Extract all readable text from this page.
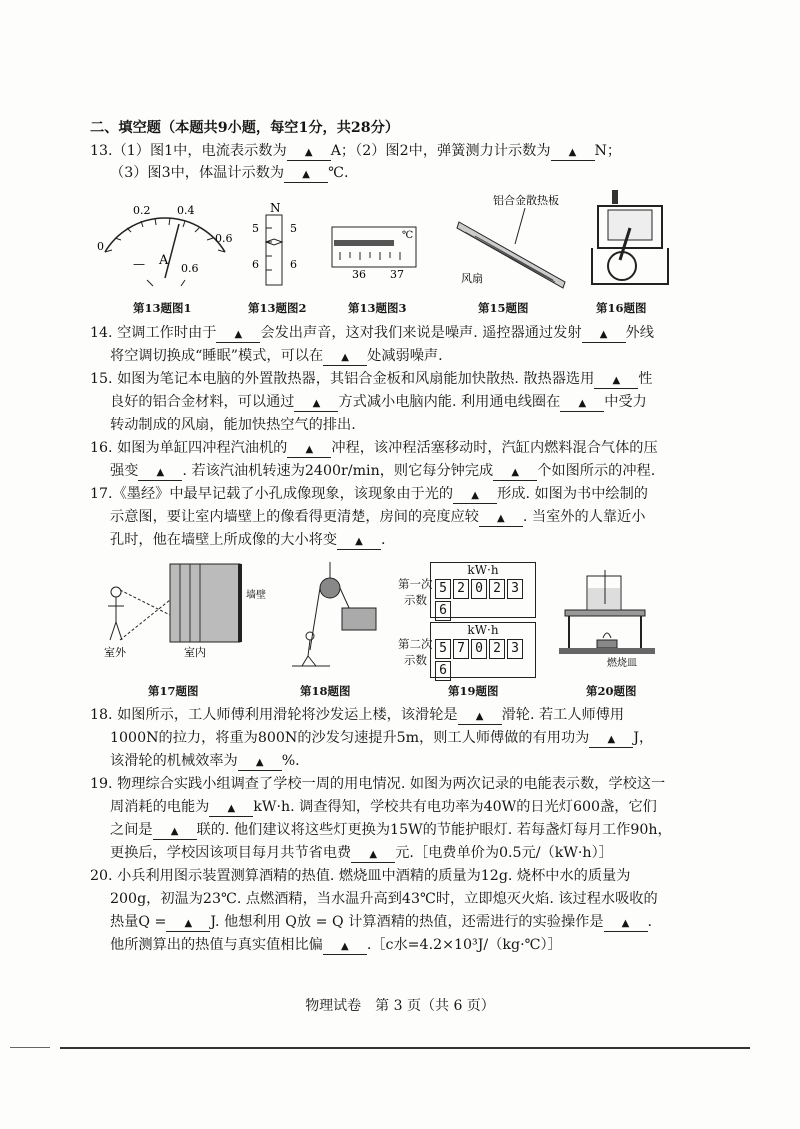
二、填空题（本题共9小题，每空1分，共28分）
13.（1）图1中，电流表示数为 ▲ A；（2）图2中，弹簧测力计示数为 ▲ N；
（3）图3中，体温计示数为 ▲ ℃.
0.2 0.4
0
0.6
— A
0.6
第13题图1
N
5
6
5
6
第13题图2
℃
36 37
第13题图3
铝合金散热板
风扇
第15题图	第16题图
14. 空调工作时由于 ▲ 会发出声音，这对我们来说是噪声. 遥控器通过发射 ▲ 外线
将空调切换成“睡眠”模式，可以在 ▲ 处减弱噪声.
15. 如图为笔记本电脑的外置散热器，其铝合金板和风扇能加快散热. 散热器选用 ▲ 性
良好的铝合金材料，可以通过 ▲ 方式减小电脑内能. 利用通电线圈在 ▲ 中受力
转动制成的风扇，能加快热空气的排出.
16. 如图为单缸四冲程汽油机的 ▲ 冲程，该冲程活塞移动时，汽缸内燃料混合气体的压
强变 ▲ . 若该汽油机转速为2400r/min，则它每分钟完成 ▲ 个如图所示的冲程.
17.《墨经》中最早记载了小孔成像现象，该现象由于光的 ▲ 形成. 如图为书中绘制的
示意图，要让室内墙壁上的像看得更清楚，房间的亮度应较 ▲ . 当室外的人靠近小
孔时，他在墙壁上所成像的大小将变 ▲ .
墙壁
室外	室内
第17题图	第18题图
第一次
示数
kW·h
5 2 0 2 36
第二次
示数
kW·h
5 7 0 2 36
第19题图
燃烧皿
第20题图
18. 如图所示，工人师傅利用滑轮将沙发运上楼，该滑轮是 ▲ 滑轮. 若工人师傅用
1000N的拉力，将重为800N的沙发匀速提升5m，则工人师傅做的有用功为 ▲ J，
该滑轮的机械效率为 ▲ %.
19. 物理综合实践小组调查了学校一周的用电情况. 如图为两次记录的电能表示数，学校这一
周消耗的电能为 ▲ kW·h. 调查得知，学校共有电功率为40W的日光灯600盏，它们
之间是 ▲ 联的. 他们建议将这些灯更换为15W的节能护眼灯. 若每盏灯每月工作90h，
更换后，学校因该项目每月共节省电费 ▲ 元.［电费单价为0.5元/（kW·h）］
20. 小兵利用图示装置测算酒精的热值. 燃烧皿中酒精的质量为12g. 烧杯中水的质量为
200g，初温为23℃. 点燃酒精，当水温升高到43℃时，立即熄灭火焰. 该过程水吸收的
热量Q = ▲ J. 他想利用 Q放 = Q 计算酒精的热值，还需进行的实验操作是 ▲ .
他所测算出的热值与真实值相比偏 ▲ .［c水=4.2×10³J/（kg·℃）］
物理试卷　第 3 页（共 6 页）
